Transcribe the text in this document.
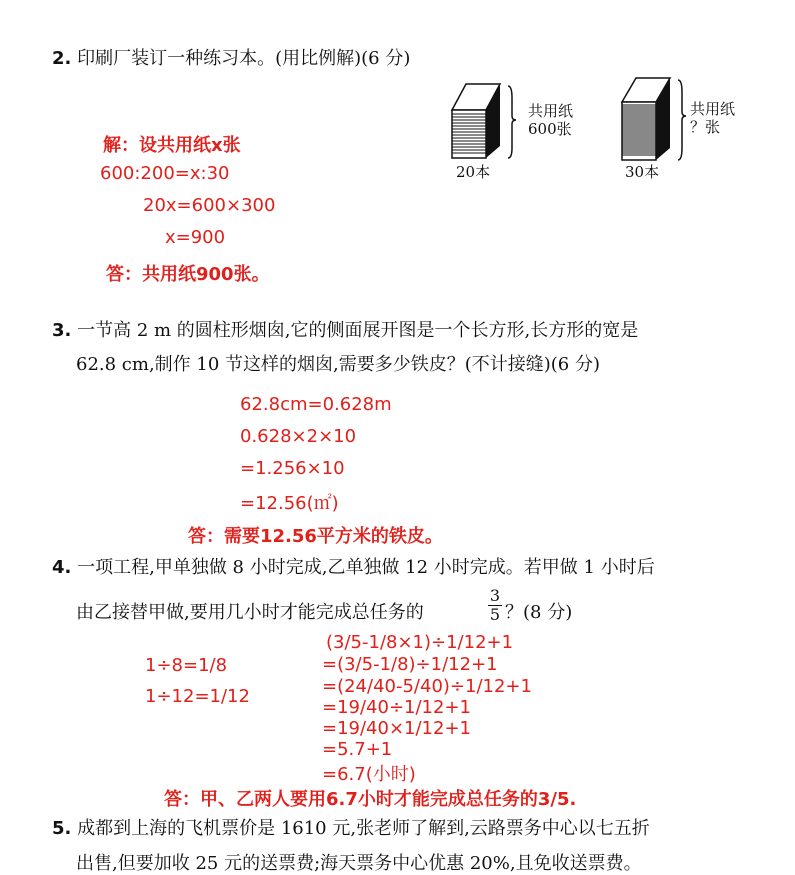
2. 印刷厂装订一种练习本。(用比例解)(6 分)
共用纸
600张
20本
共用纸
？张
30本
解：设共用纸x张
600:200=x:30
20x=600×300
x=900
答：共用纸900张。
3. 一节高 2 m 的圆柱形烟囱,它的侧面展开图是一个长方形,长方形的宽是
62.8 cm,制作 10 节这样的烟囱,需要多少铁皮？(不计接缝)(6 分)
62.8cm=0.628m
0.628×2×10
=1.256×10
=12.56(㎡)
答：需要12.56平方米的铁皮。
4. 一项工程,甲单独做 8 小时完成,乙单独做 12 小时完成。若甲做 1 小时后
由乙接替甲做,要用几小时才能完成总任务的
3
5 ？(8 分)
1÷8=1/8
1÷12=1/12
(3/5-1/8×1)÷1/12+1
=(3/5-1/8)÷1/12+1
=(24/40-5/40)÷1/12+1
=19/40÷1/12+1
=19/40×1/12+1
=5.7+1
=6.7(小时)
答：甲、乙两人要用6.7小时才能完成总任务的3/5.
5. 成都到上海的飞机票价是 1610 元,张老师了解到,云路票务中心以七五折
出售,但要加收 25 元的送票费;海天票务中心优惠 20%,且免收送票费。
